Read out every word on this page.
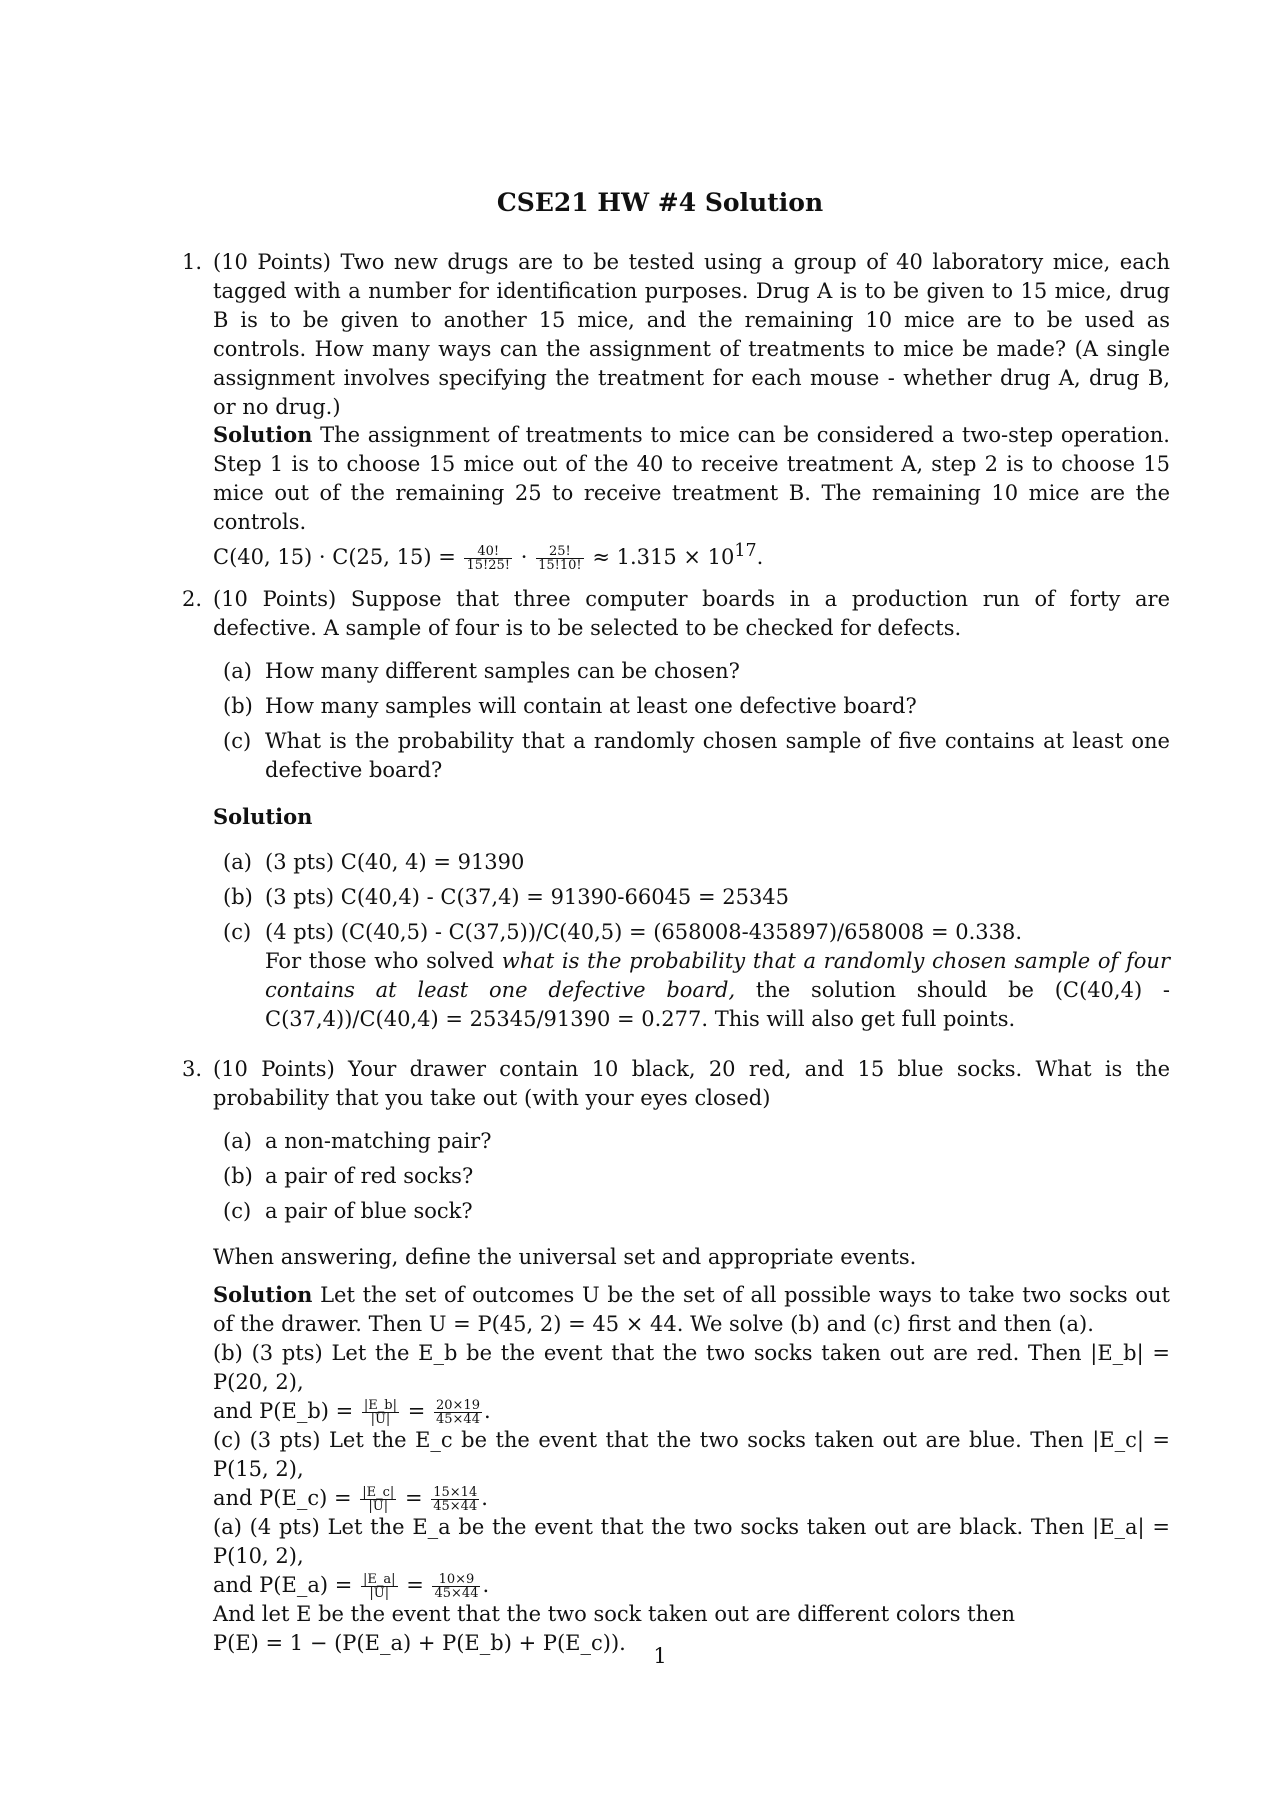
CSE21 HW #4 Solution
1. (10 Points) Two new drugs are to be tested using a group of 40 laboratory mice, each tagged with a number for identification purposes. Drug A is to be given to 15 mice, drug B is to be given to another 15 mice, and the remaining 10 mice are to be used as controls. How many ways can the assignment of treatments to mice be made? (A single assignment involves specifying the treatment for each mouse - whether drug A, drug B, or no drug.)
Solution The assignment of treatments to mice can be considered a two-step operation. Step 1 is to choose 15 mice out of the 40 to receive treatment A, step 2 is to choose 15 mice out of the remaining 25 to receive treatment B. The remaining 10 mice are the controls.
C(40, 15) · C(25, $15) = \frac{40!}{15!25!} \cdot \frac{25!}{15!10!} \approx 1.315 \times 10^{17}$.
2. (10 Points) Suppose that three computer boards in a production run of forty are defective. A sample of four is to be selected to be checked for defects.
(a) How many different samples can be chosen?
(b) How many samples will contain at least one defective board?
(c) What is the probability that a randomly chosen sample of five contains at least one defective board?
Solution
(a) (3 pts) C(40, 4) = 91390
(b) (3 pts) C(40,4) - C(37,4) = 91390-66045 = 25345
(c) (4 pts) (C(40,5) - C(37,5))/C(40,5) = (658008-435897)/658008 = 0.338.
For those who solved what is the probability that a randomly chosen sample of four contains at least one defective board, the solution should be (C(40,4) - C(37,4))/C(40,4) = 25345/91390 = 0.277. This will also get full points.
3. (10 Points) Your drawer contain 10 black, 20 red, and 15 blue socks. What is the probability that you take out (with your eyes closed)
(a) a non-matching pair?
(b) a pair of red socks?
(c) a pair of blue sock?
When answering, define the universal set and appropriate events.
Solution Let the set of outcomes U be the set of all possible ways to take two socks out of the drawer. Then U = P(45, 2) = 45 × 44. We solve (b) and (c) first and then (a).
(b) (3 pts) Let the E_b be the event that the two socks taken out are red. Then |E_b| = P(20, 2),
and P(E_b) = $\frac{|E\_b|}{|U|} = \frac{20\times 19}{45\times 44}$ .
(c) (3 pts) Let the E_c be the event that the two socks taken out are blue. Then |E_c| = P(15, 2),
and P(E_c) = $\frac{|E\_c|}{|U|} = \frac{15\times 14}{45\times 44}$ .
(a) (4 pts) Let the E_a be the event that the two socks taken out are black. Then |E_a| = P(10, 2),
and P(E_a) = $\frac{|E\_a|}{|U|} = \frac{10\times 9}{45\times 44}$ .
And let E be the event that the two sock taken out are different colors then
P(E) = 1 − (P(E_a) + P(E_b) + P(E_c)).
1
